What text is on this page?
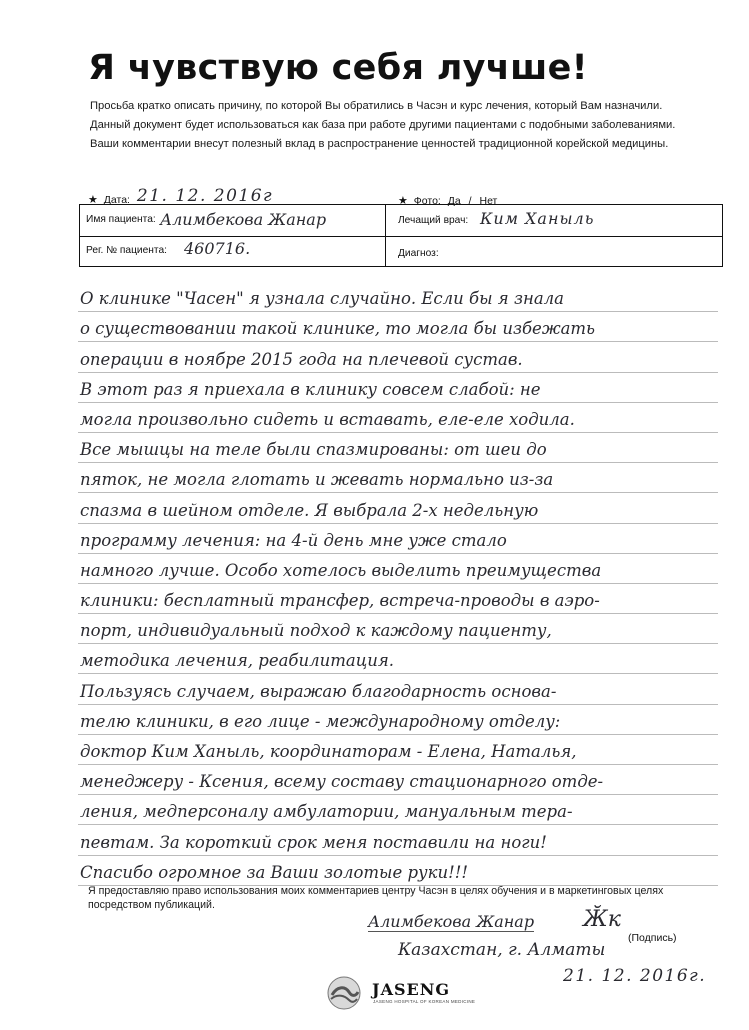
Я чувствую себя лучше!
Просьба кратко описать причину, по которой Вы обратились в Часэн и курс лечения, который Вам назначили.
Данный документ будет использоваться как база при работе другими пациентами с подобными заболеваниями.
Ваши комментарии внесут полезный вклад в распространение ценностей традиционной корейской медицины.
★ Дата: 21. 12. 2016г	★ Фото: Да / Нет
Имя пациента: Алимбекова Жанар	Лечащий врач: Ким Ханыль
Рег. № пациента: 460716.	Диагноз:
О клинике "Часен" я узнала случайно. Если бы я знала
о существовании такой клинике, то могла бы избежать
операции в ноябре 2015 года на плечевой сустав.
В этот раз я приехала в клинику совсем слабой: не
могла произвольно сидеть и вставать, еле-еле ходила.
Все мышцы на теле были спазмированы: от шеи до
пяток, не могла глотать и жевать нормально из-за
спазма в шейном отделе. Я выбрала 2-х недельную
программу лечения: на 4-й день мне уже стало
намного лучше. Особо хотелось выделить преимущества
клиники: бесплатный трансфер, встреча-проводы в аэро-
порт, индивидуальный подход к каждому пациенту,
методика лечения, реабилитация.
Пользуясь случаем, выражаю благодарность основа-
телю клиники, в его лице - международному отделу:
доктор Ким Ханыль, координаторам - Елена, Наталья,
менеджеру - Ксения, всему составу стационарного отде-
ления, медперсоналу амбулатории, мануальным тера-
певтам. За короткий срок меня поставили на ноги!
Спасибо огромное за Ваши золотые руки!!!
Я предоставляю право использования моих комментариев центру Часэн в целях обучения и в маркетинговых целях посредством публикаций.
Алимбекова Жанар Ӂк
(Подпись)
Казахстан, г. Алматы
21. 12. 2016г.
JASENG
JASENG HOSPITAL OF KOREAN MEDICINE
